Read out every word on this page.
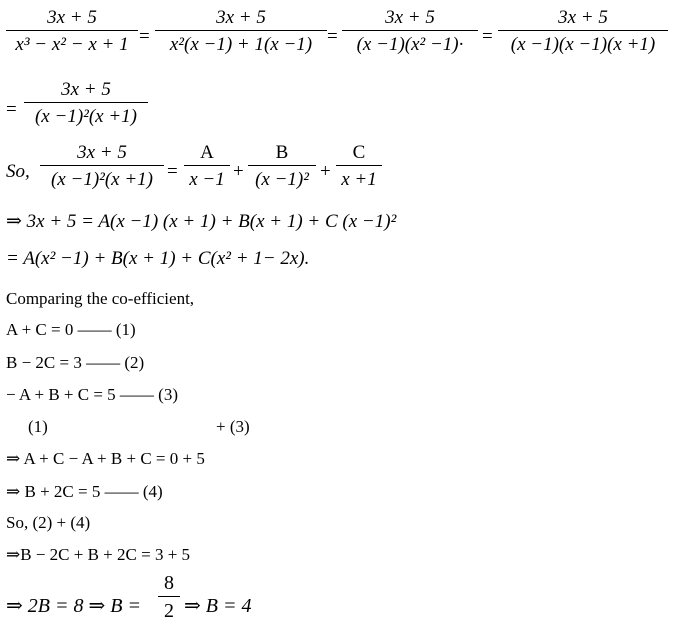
$\frac{3x + 5}{\text{x³ − x² − x + 1}} = \frac{3x + 5}{\text{x²(x −1) + 1(x −1)}} = \frac{3x + 5}{\text{(x −1)(x² −1)·}} = \frac{3x + 5}{(x -1)(x -1)(x +1)}$
= $\frac{3x + 5}{\text{(x −1)²(x +1)}}$
So, $\frac{3x + 5}{\text{(x −1)²(x +1)}} = \frac{A}{x -1} + \frac{B}{\text{(x −1)²}} + \frac{C}{x +1}$
⇒ 3x + 5 = A(x −1) (x + 1) + B(x + 1) + C (x −1)²
= A(x² −1) + B(x + 1) + C(x² + 1− 2x).
Comparing the co-efficient,
A + C = 0 —— (1)
B − 2C = 3 —— (2)
− A + B + C = 5 —— (3)
(1)	+ (3)
⇒ A + C − A + B + C = 0 + 5
⇒ B + 2C = 5 —— (4)
So, (2) + (4)
⇒B − 2C + B + 2C = 3 + 5
⇒ 2B = 8 ⇒ $B = \frac{8}{2}$ ⇒ B = 4
